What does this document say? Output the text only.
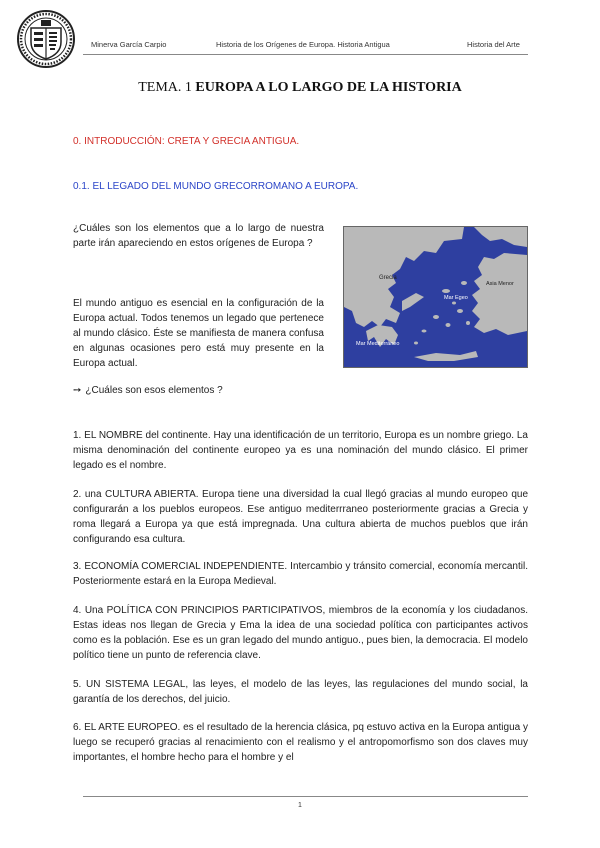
Minerva García Carpio	Historia de los Orígenes de Europa. Historia Antigua	Historia del Arte
TEMA. 1 EUROPA A LO LARGO DE LA HISTORIA
0. INTRODUCCIÓN: CRETA Y GRECIA ANTIGUA.
0.1. EL LEGADO DEL MUNDO GRECORROMANO A EUROPA.
¿Cuáles son los elementos que a lo largo de nuestra parte irán apareciendo en estos orígenes de Europa ?
El mundo antiguo es esencial en la configuración de la Europa actual. Todos tenemos un legado que pertenece al mundo clásico. Éste se manifiesta de manera confusa en algunas ocasiones pero está muy presente en la Europa actual.
Grecia
Mar Egeo
Asia Menor
Mar Mediterráneo
➙ ¿Cuáles son esos elementos ?
1. EL NOMBRE del continente. Hay una identificación de un territorio, Europa es un nombre griego. La misma denominación del continente europeo ya es una nominación del mundo clásico. El primer legado es el nombre.
2. una CULTURA ABIERTA. Europa tiene una diversidad la cual llegó gracias al mundo europeo que configurarán a los pueblos europeos. Ese antiguo mediterrraneo posteriormente gracias a Grecia y roma llegará a Europa ya que está impregnada. Una cultura abierta de muchos pueblos que irán configurando esa cultura.
3. ECONOMÍA COMERCIAL INDEPENDIENTE. Intercambio y tránsito comercial, economía mercantil. Posteriormente estará en la Europa Medieval.
4. Una POLÍTICA CON PRINCIPIOS PARTICIPATIVOS, miembros de la economía y los ciudadanos. Estas ideas nos llegan de Grecia y Ema la idea de una sociedad política con participantes activos como es la población. Ese es un gran legado del mundo antiguo., pues bien, la democracia. El modelo político tiene un punto de referencia clave.
5. UN SISTEMA LEGAL, las leyes, el modelo de las leyes, las regulaciones del mundo social, la garantía de los derechos, del juicio.
6. EL ARTE EUROPEO. es el resultado de la herencia clásica, pq estuvo activa en la Europa antigua y luego se recuperó gracias al renacimiento con el realismo y el antropomorfismo son dos claves muy importantes, el hombre hecho para el hombre y el
1
